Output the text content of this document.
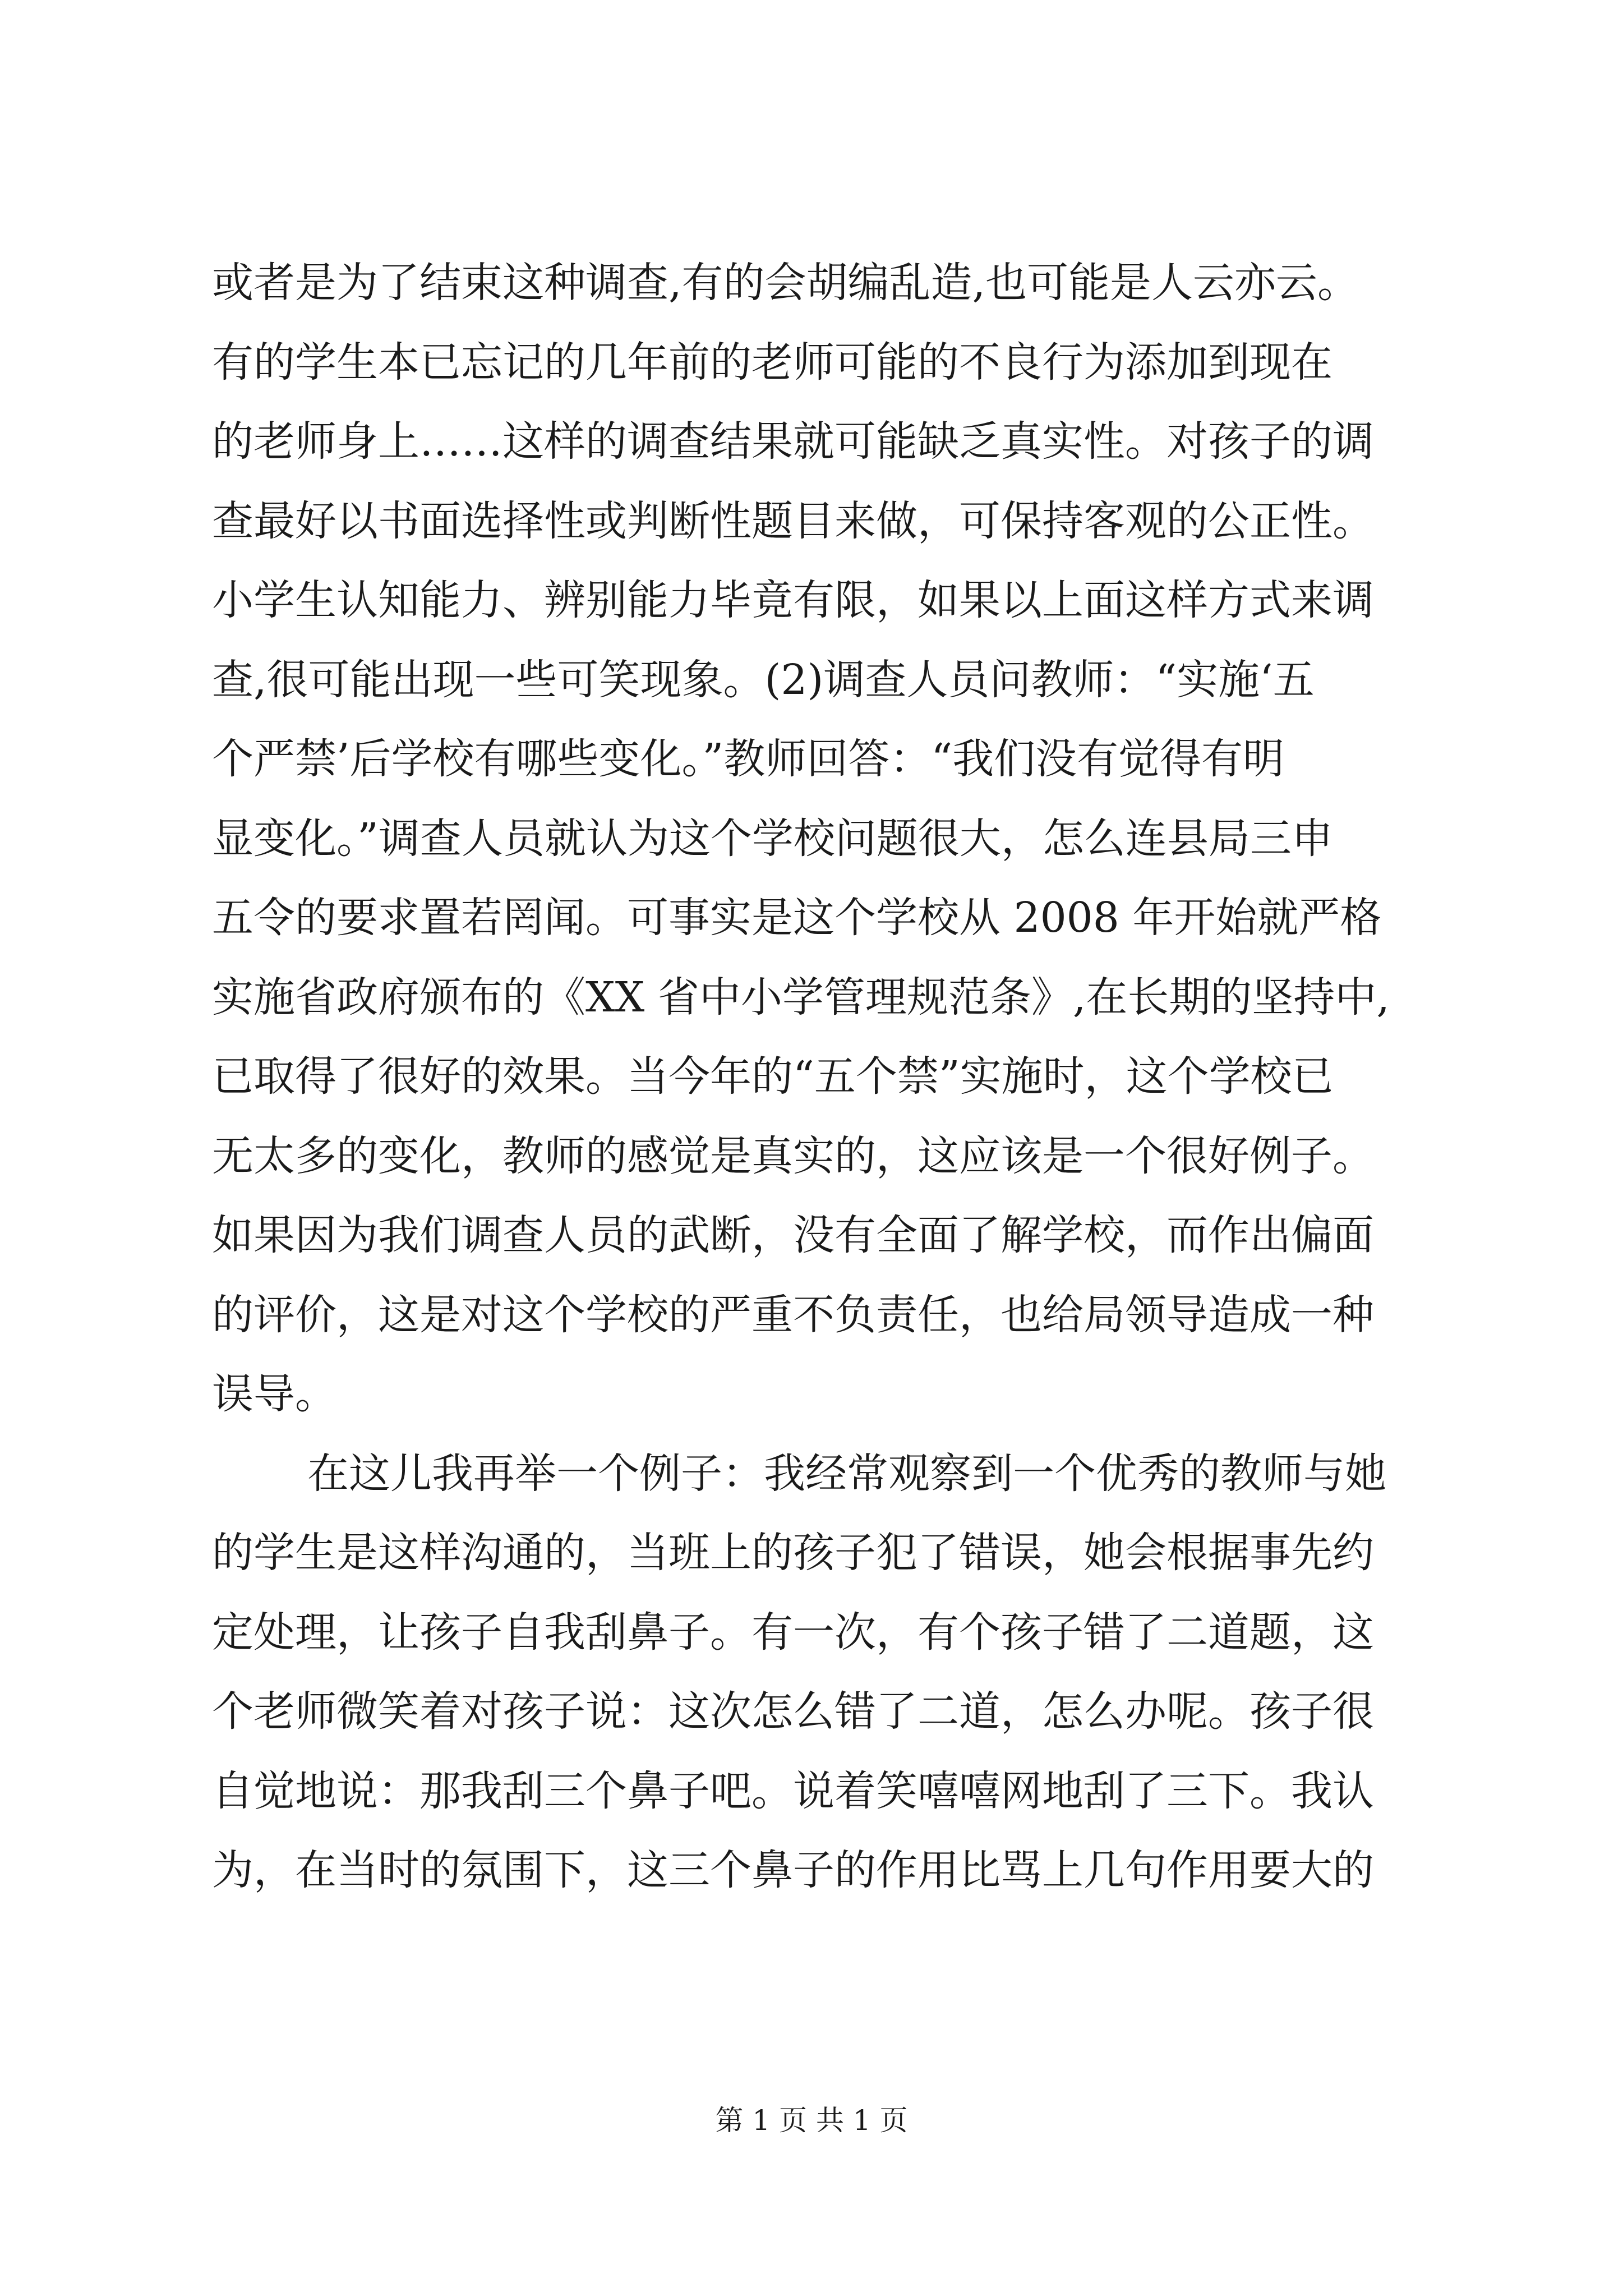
或者是为了结束这种调查,有的会胡编乱造,也可能是人云亦云。
有的学生本已忘记的几年前的老师可能的不良行为添加到现在
的老师身上……这样的调查结果就可能缺乏真实性。对孩子的调
查最好以书面选择性或判断性题目来做，可保持客观的公正性。
小学生认知能力、辨别能力毕竟有限，如果以上面这样方式来调
查,很可能出现一些可笑现象。(2)调查人员问教师：“实施‘五
个严禁’后学校有哪些变化。”教师回答：“我们没有觉得有明
显变化。”调查人员就认为这个学校问题很大，怎么连县局三申
五令的要求置若罔闻。可事实是这个学校从 2008 年开始就严格
实施省政府颁布的《XX 省中小学管理规范条》,在长期的坚持中,
已取得了很好的效果。当今年的“五个禁”实施时，这个学校已
无太多的变化，教师的感觉是真实的，这应该是一个很好例子。
如果因为我们调查人员的武断，没有全面了解学校，而作出偏面
的评价，这是对这个学校的严重不负责任，也给局领导造成一种
误导。
在这儿我再举一个例子：我经常观察到一个优秀的教师与她
的学生是这样沟通的，当班上的孩子犯了错误，她会根据事先约
定处理，让孩子自我刮鼻子。有一次，有个孩子错了二道题，这
个老师微笑着对孩子说：这次怎么错了二道，怎么办呢。孩子很
自觉地说：那我刮三个鼻子吧。说着笑嘻嘻网地刮了三下。我认
为，在当时的氛围下，这三个鼻子的作用比骂上几句作用要大的
第 1 页 共 1 页
